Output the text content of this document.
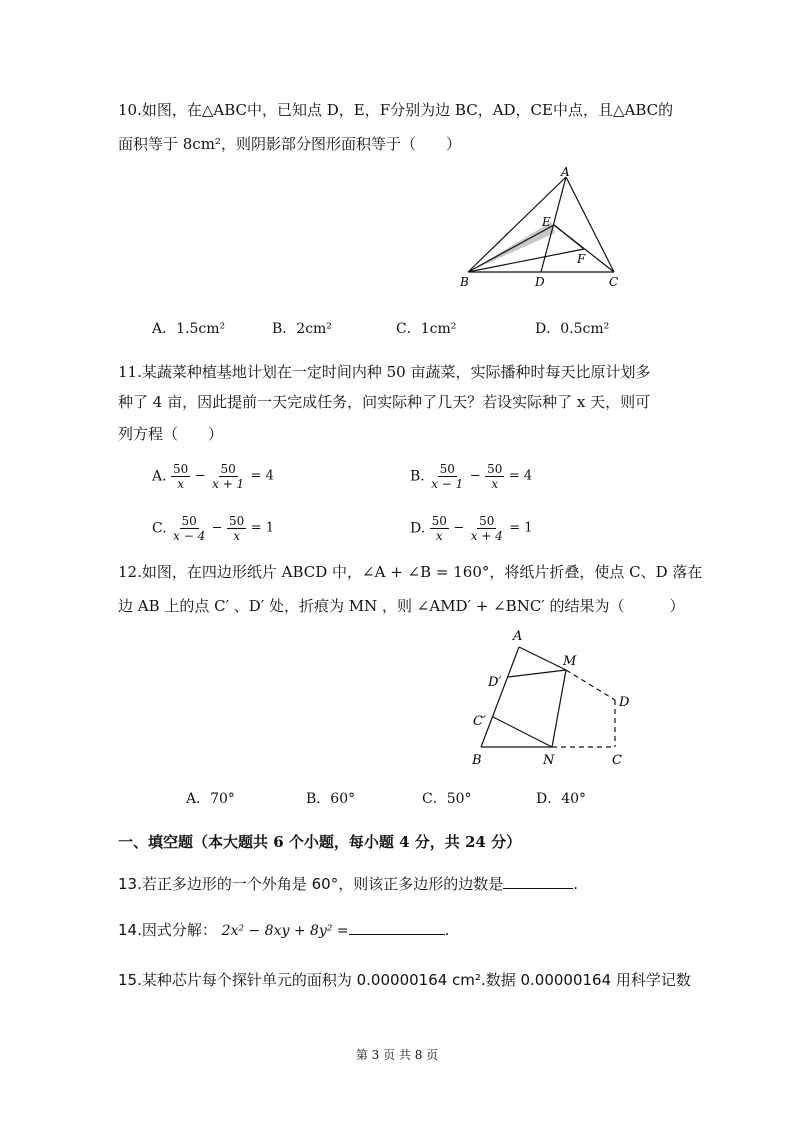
10.如图，在△ABC中，已知点 D，E，F分别为边 BC，AD，CE中点，且△ABC的
面积等于 8cm²，则阴影部分图形面积等于（　　）
A
B	C
D
E
F
A．1.5cm²	B．2cm²	C．1cm²	D．0.5cm²
11.某蔬菜种植基地计划在一定时间内种 50 亩蔬菜，实际播种时每天比原计划多
种了 4 亩，因此提前一天完成任务，问实际种了几天？若设实际种了 x 天，则可
列方程（　　）
A. $\frac{50}{x} - \frac{50}{x + 1} = 4$	B. $\frac{50}{x - 1} - \frac{50}{x} = 4$
C. $\frac{50}{x - 4} - \frac{50}{x} = 1$	D. $\frac{50}{x} - \frac{50}{x + 4} = 1$
12.如图，在四边形纸片 ABCD 中，∠A + ∠B = 160°，将纸片折叠，使点 C、D 落在
边 AB 上的点 C′ 、D′ 处，折痕为 MN ，则 ∠AMD′ + ∠BNC′ 的结果为（　　　）
A
B	C
D
M
N
C′
D′
A．70°	B．60°	C．50°	D．40°
一、填空题（本大题共 6 个小题，每小题 4 分，共 24 分）
13.若正多边形的一个外角是 60°，则该正多边形的边数是	.
14.因式分解： 2x² − 8xy + 8y² =	.
15.某种芯片每个探针单元的面积为 0.00000164 cm².数据 0.00000164 用科学记数
第 3 页 共 8 页
